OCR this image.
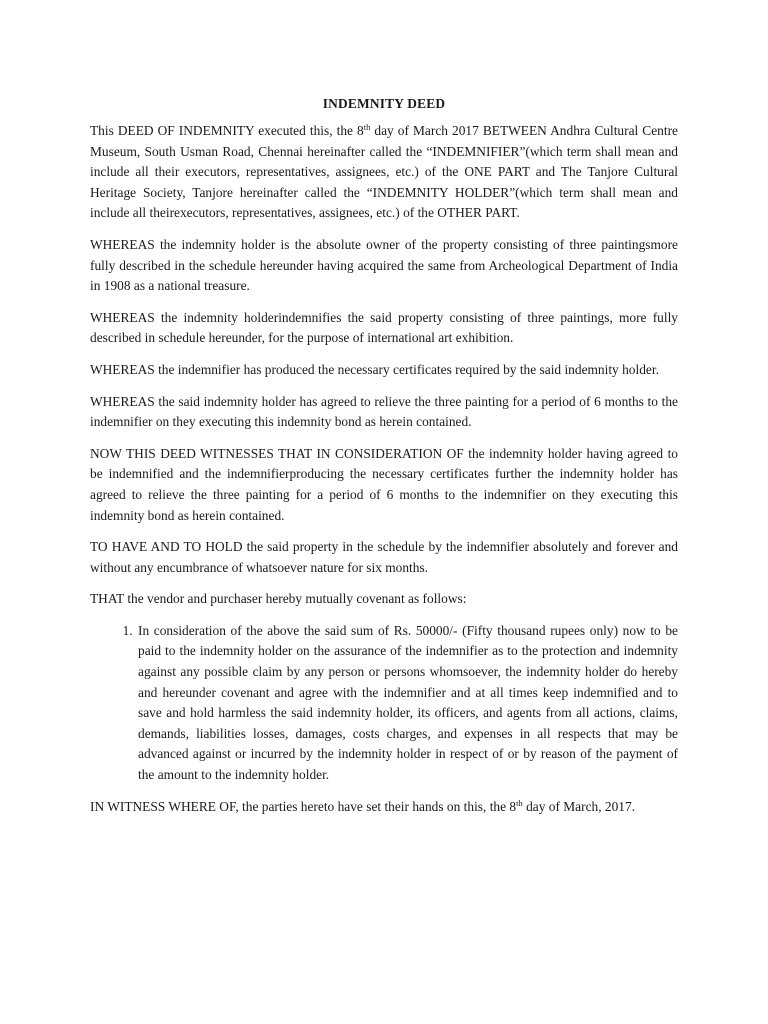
INDEMNITY DEED

This DEED OF INDEMNITY executed this, the 8th day of March 2017 BETWEEN Andhra Cultural Centre Museum, South Usman Road, Chennai hereinafter called the “INDEMNIFIER”(which term shall mean and include all their executors, representatives, assignees, etc.) of the ONE PART and The Tanjore Cultural Heritage Society, Tanjore hereinafter called the “INDEMNITY HOLDER”(which term shall mean and include all theirexecutors, representatives, assignees, etc.) of the OTHER PART.

WHEREAS the indemnity holder is the absolute owner of the property consisting of three paintingsmore fully described in the schedule hereunder having acquired the same from Archeological Department of India in 1908 as a national treasure.

WHEREAS the indemnity holderindemnifies the said property consisting of three paintings, more fully described in schedule hereunder, for the purpose of international art exhibition.

WHEREAS the indemnifier has produced the necessary certificates required by the said indemnity holder.

WHEREAS the said indemnity holder has agreed to relieve the three painting for a period of 6 months to the indemnifier on they executing this indemnity bond as herein contained.

NOW THIS DEED WITNESSES THAT IN CONSIDERATION OF the indemnity holder having agreed to be indemnified and the indemnifierproducing the necessary certificates further the indemnity holder has agreed to relieve the three painting for a period of 6 months to the indemnifier on they executing this indemnity bond as herein contained.

TO HAVE AND TO HOLD the said property in the schedule by the indemnifier absolutely and forever and without any encumbrance of whatsoever nature for six months.

THAT the vendor and purchaser hereby mutually covenant as follows:

1. In consideration of the above the said sum of Rs. 50000/- (Fifty thousand rupees only) now to be paid to the indemnity holder on the assurance of the indemnifier as to the protection and indemnity against any possible claim by any person or persons whomsoever, the indemnity holder do hereby and hereunder covenant and agree with the indemnifier and at all times keep indemnified and to save and hold harmless the said indemnity holder, its officers, and agents from all actions, claims, demands, liabilities losses, damages, costs charges, and expenses in all respects that may be advanced against or incurred by the indemnity holder in respect of or by reason of the payment of the amount to the indemnity holder.

IN WITNESS WHERE OF, the parties hereto have set their hands on this, the 8th day of March, 2017.
